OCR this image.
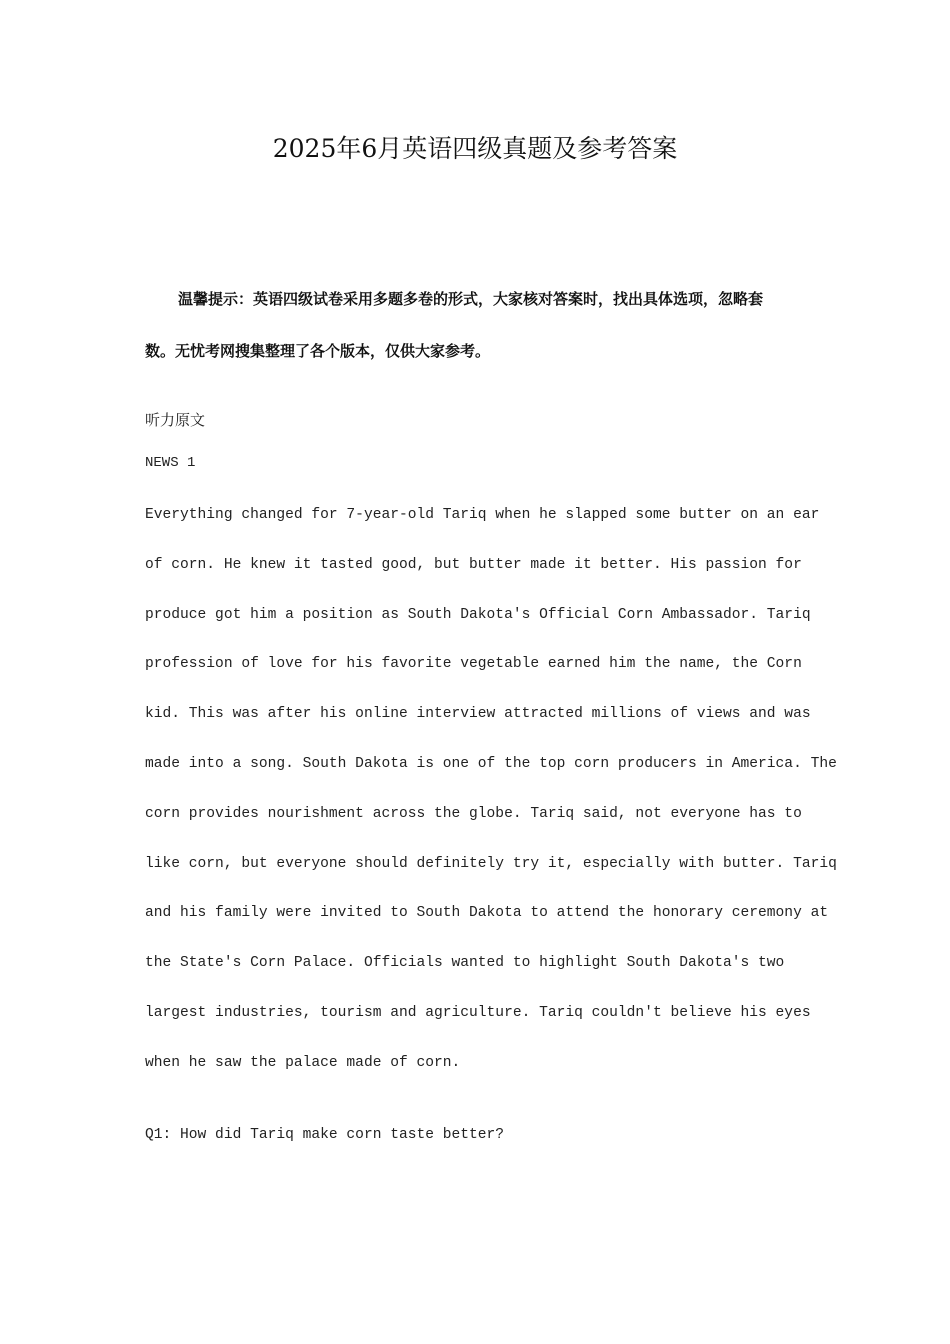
2025年6月英语四级真题及参考答案
温馨提示：英语四级试卷采用多题多卷的形式，大家核对答案时，找出具体选项，忽略套
数。无忧考网搜集整理了各个版本，仅供大家参考。

听力原文

NEWS 1

Everything changed for 7-year-old Tariq when he slapped some butter on an ear
of corn. He knew it tasted good, but butter made it better. His passion for
produce got him a position as South Dakota's Official Corn Ambassador. Tariq
profession of love for his favorite vegetable earned him the name, the Corn
kid. This was after his online interview attracted millions of views and was
made into a song. South Dakota is one of the top corn producers in America. The
corn provides nourishment across the globe. Tariq said, not everyone has to
like corn, but everyone should definitely try it, especially with butter. Tariq
and his family were invited to South Dakota to attend the honorary ceremony at
the State's Corn Palace. Officials wanted to highlight South Dakota's two
largest industries, tourism and agriculture. Tariq couldn't believe his eyes
when he saw the palace made of corn.

Q1: How did Tariq make corn taste better?
